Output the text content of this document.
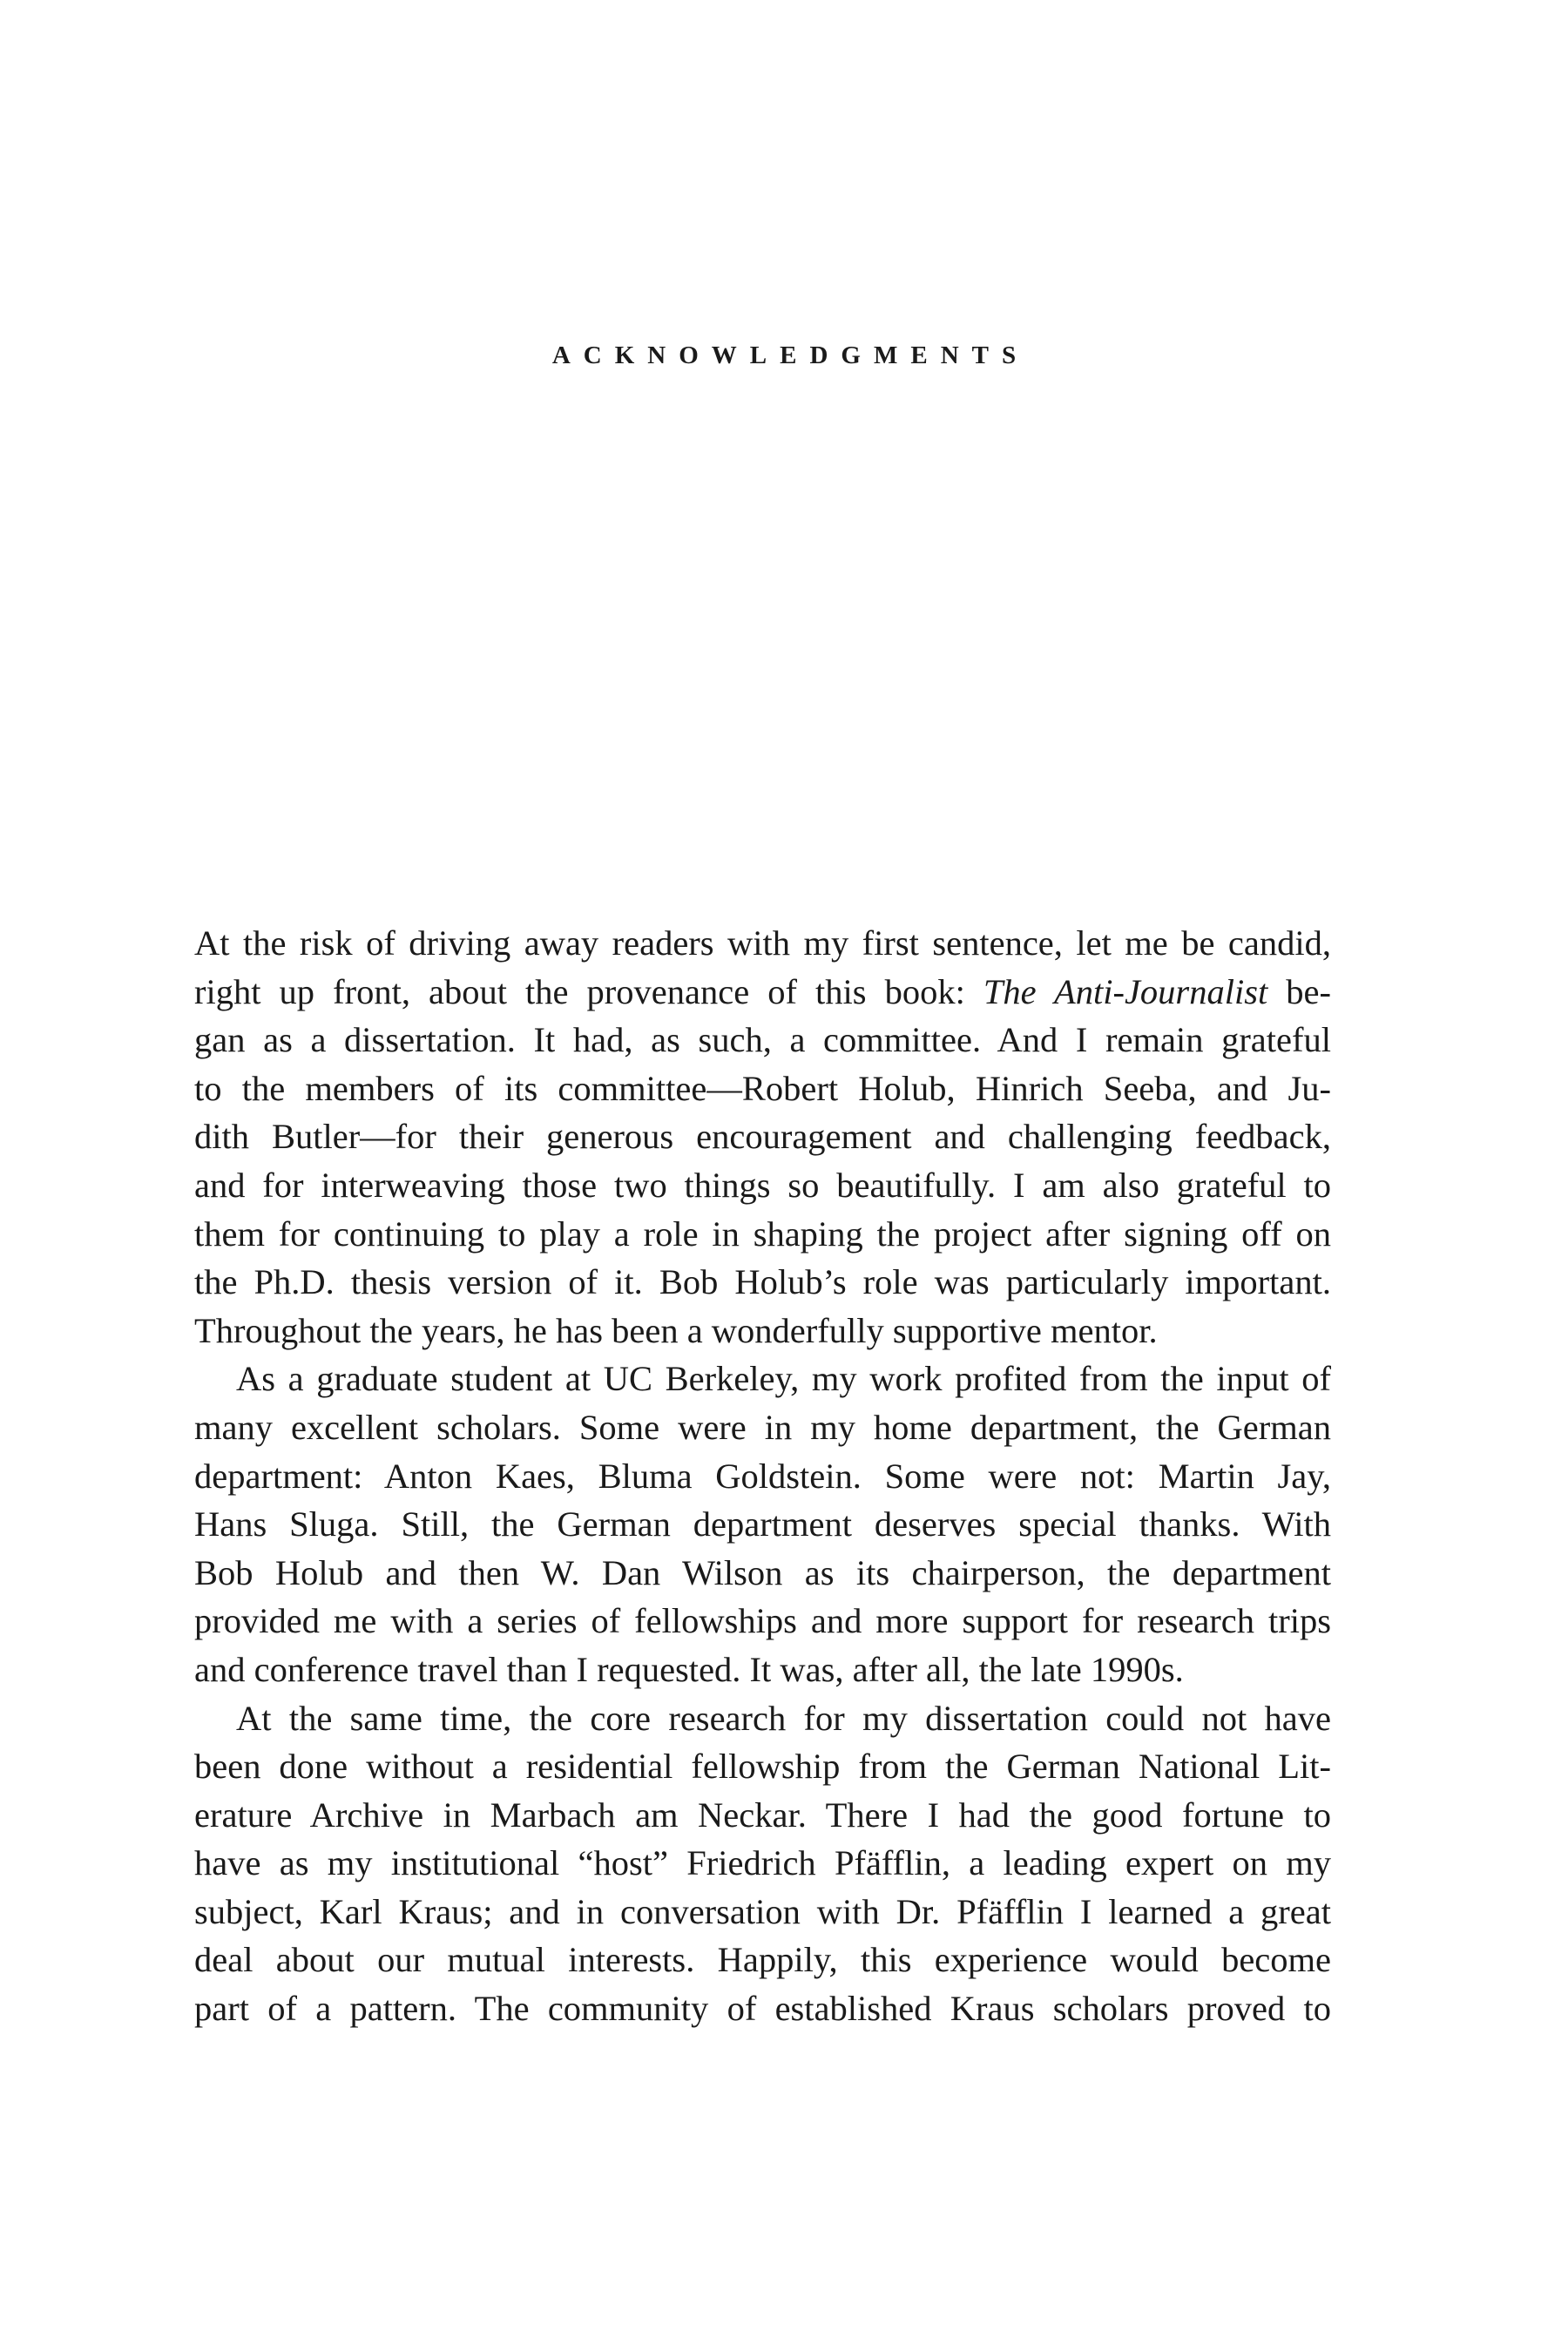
ACKNOWLEDGMENTS
At the risk of driving away readers with my first sentence, let me be candid,
right up front, about the provenance of this book: The Anti-Journalist be-
gan as a dissertation. It had, as such, a committee. And I remain grateful
to the members of its committee—Robert Holub, Hinrich Seeba, and Ju-
dith Butler—for their generous encouragement and challenging feedback,
and for interweaving those two things so beautifully. I am also grateful to
them for continuing to play a role in shaping the project after signing off on
the Ph.D. thesis version of it. Bob Holub’s role was particularly important.
Throughout the years, he has been a wonderfully supportive mentor.
As a graduate student at UC Berkeley, my work profited from the input of
many excellent scholars. Some were in my home department, the German
department: Anton Kaes, Bluma Goldstein. Some were not: Martin Jay,
Hans Sluga. Still, the German department deserves special thanks. With
Bob Holub and then W. Dan Wilson as its chairperson, the department
provided me with a series of fellowships and more support for research trips
and conference travel than I requested. It was, after all, the late 1990s.
At the same time, the core research for my dissertation could not have
been done without a residential fellowship from the German National Lit-
erature Archive in Marbach am Neckar. There I had the good fortune to
have as my institutional “host” Friedrich Pfäfflin, a leading expert on my
subject, Karl Kraus; and in conversation with Dr. Pfäfflin I learned a great
deal about our mutual interests. Happily, this experience would become
part of a pattern. The community of established Kraus scholars proved to
